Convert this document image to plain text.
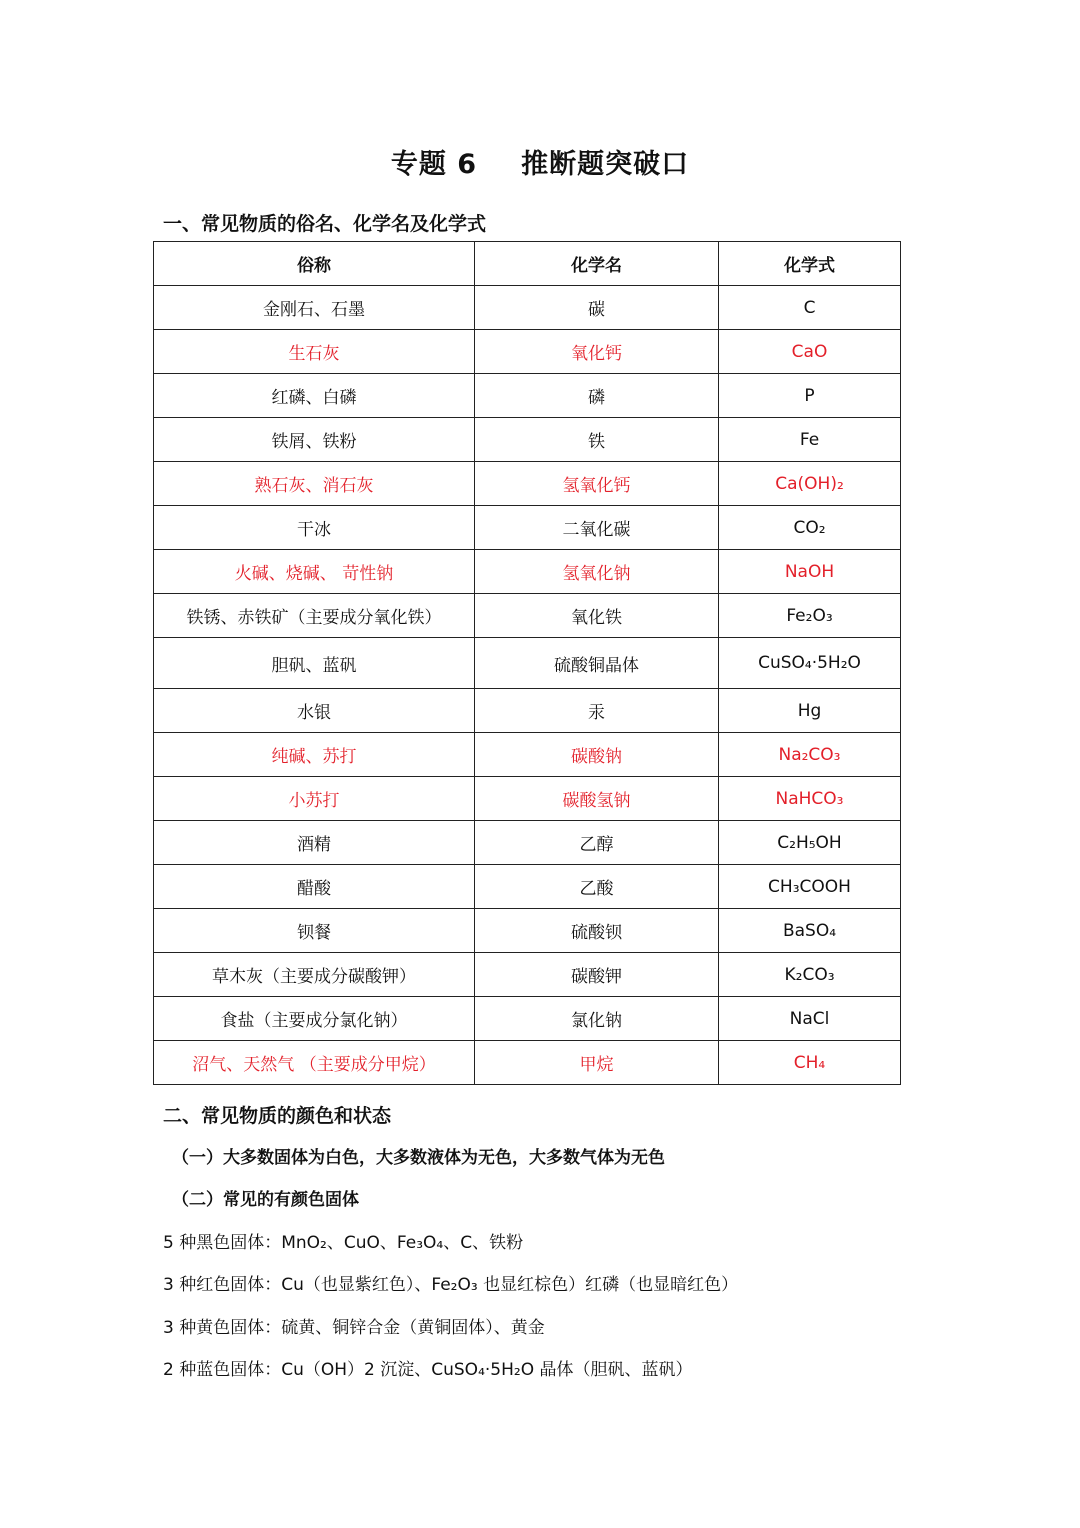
专题 6 推断题突破口
一、常见物质的俗名、化学名及化学式
俗称	化学名	化学式
金刚石、石墨	碳	C
生石灰	氧化钙	CaO
红磷、白磷	磷	P
铁屑、铁粉	铁	Fe
熟石灰、消石灰	氢氧化钙	Ca(OH)₂
干冰	二氧化碳	CO₂
火碱、烧碱、 苛性钠	氢氧化钠	NaOH
铁锈、赤铁矿（主要成分氧化铁）	氧化铁	Fe₂O₃
胆矾、蓝矾	硫酸铜晶体	CuSO₄·5H₂O
水银	汞	Hg
纯碱、苏打	碳酸钠	Na₂CO₃
小苏打	碳酸氢钠	NaHCO₃
酒精	乙醇	C₂H₅OH
醋酸	乙酸	CH₃COOH
钡餐	硫酸钡	BaSO₄
草木灰（主要成分碳酸钾）	碳酸钾	K₂CO₃
食盐（主要成分氯化钠）	氯化钠	NaCl
沼气、天然气 （主要成分甲烷）	甲烷	CH₄
二、常见物质的颜色和状态
（一）大多数固体为白色，大多数液体为无色，大多数气体为无色
（二）常见的有颜色固体
5 种黑色固体：MnO₂、CuO、Fe₃O₄、C、铁粉
3 种红色固体：Cu（也显紫红色）、Fe₂O₃ 也显红棕色）红磷（也显暗红色）
3 种黄色固体：硫黄、铜锌合金（黄铜固体）、黄金
2 种蓝色固体：Cu（OH）2 沉淀、CuSO₄·5H₂O 晶体（胆矾、蓝矾）
